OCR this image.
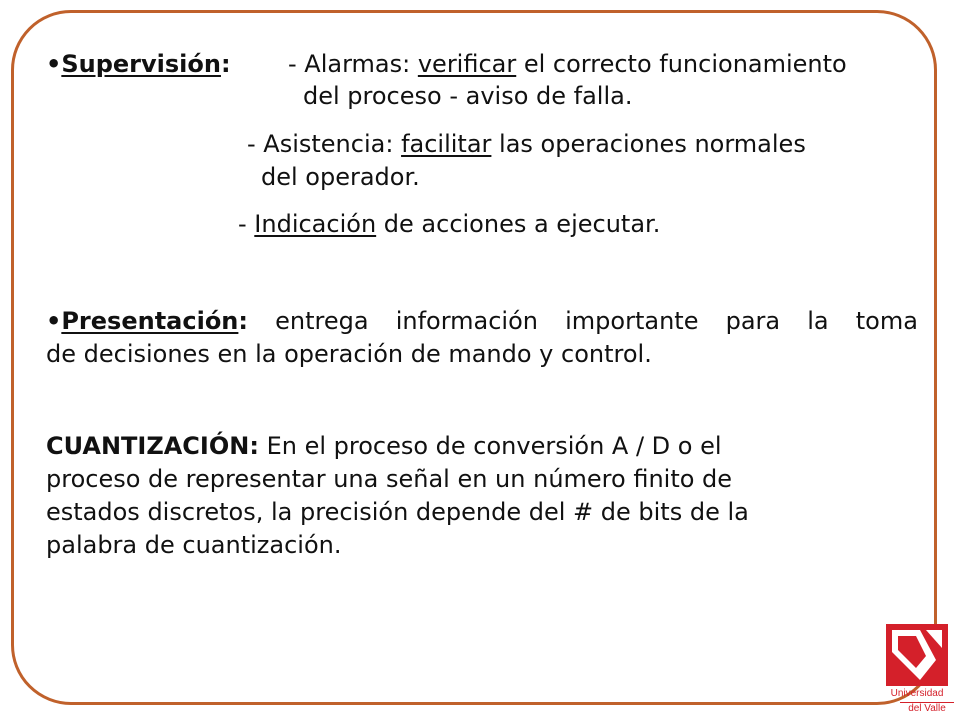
•Supervisión: - Alarmas: verificar el correcto funcionamiento

del proceso - aviso de falla.

- Asistencia: facilitar las operaciones normales

del operador.

- Indicación de acciones a ejecutar.

•Presentación: entrega información importante para la toma

de decisiones en la operación de mando y control.

CUANTIZACIÓN: En el proceso de conversión A / D o el

proceso de representar una señal en un número finito de

estados discretos, la precisión depende del # de bits de la

palabra de cuantización.

Universidad
del Valle
